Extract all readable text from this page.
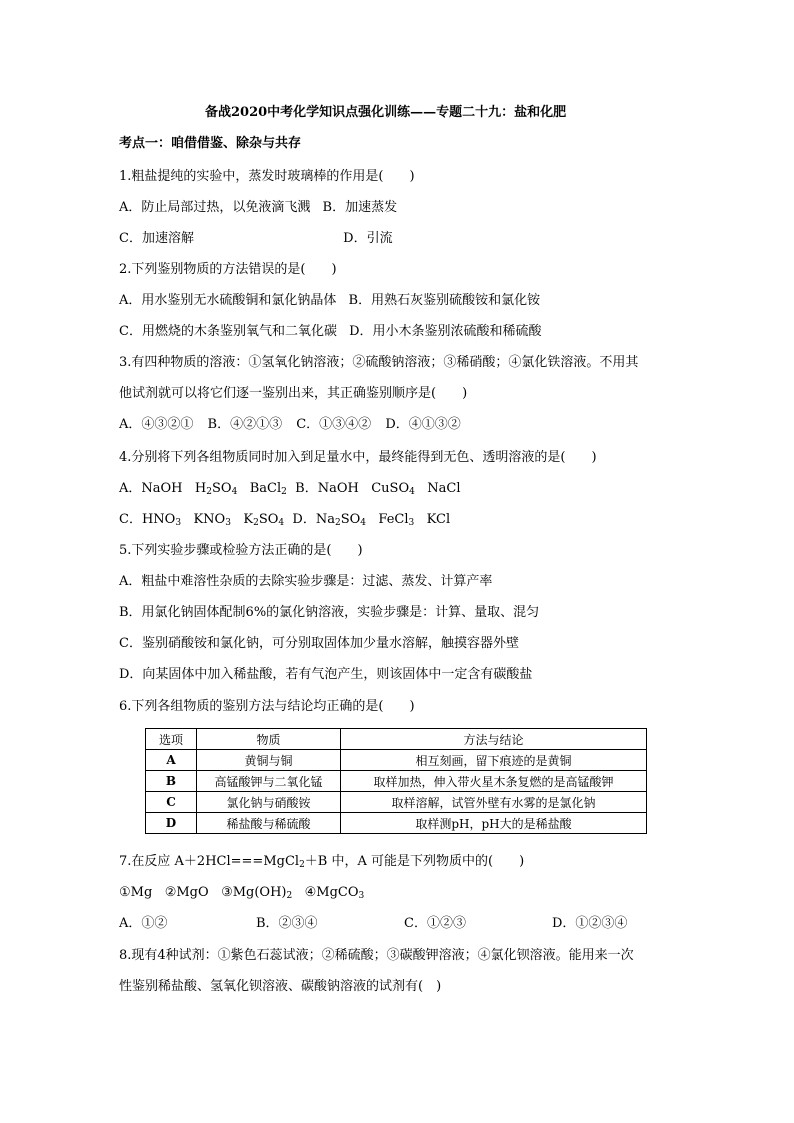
备战2020中考化学知识点强化训练——专题二十九：盐和化肥
考点一：咱借借鉴、除杂与共存
1.粗盐提纯的实验中，蒸发时玻璃棒的作用是(　　)
A．防止局部过热，以免液滴飞溅 B．加速蒸发
C．加速溶解	D．引流
2.下列鉴别物质的方法错误的是(　　)
A．用水鉴别无水硫酸铜和氯化钠晶体 B．用熟石灰鉴别硫酸铵和氯化铵
C．用燃烧的木条鉴别氧气和二氧化碳 D．用小木条鉴别浓硫酸和稀硫酸
3.有四种物质的溶液：①氢氧化钠溶液；②硫酸钠溶液；③稀硝酸；④氯化铁溶液。不用其
他试剂就可以将它们逐一鉴别出来，其正确鉴别顺序是(　　)
A．④③②① B．④②①③ C．①③④② D．④①③②
4.分别将下列各组物质同时加入到足量水中，最终能得到无色、透明溶液的是(　　)
A．NaOH $H_2SO_4$ BaCl$_2$ B．NaOH CuSO$_4$ NaCl
C．$HNO_3$ $KNO_3$ $K_2SO_4$ D．$Na_2SO_4$ FeCl$_3$ KCl
5.下列实验步骤或检验方法正确的是(　　)
A．粗盐中难溶性杂质的去除实验步骤是：过滤、蒸发、计算产率
B．用氯化钠固体配制6%的氯化钠溶液，实验步骤是：计算、量取、混匀
C．鉴别硝酸铵和氯化钠，可分别取固体加少量水溶解，触摸容器外壁
D．向某固体中加入稀盐酸，若有气泡产生，则该固体中一定含有碳酸盐
6.下列各组物质的鉴别方法与结论均正确的是(　　)
选项	物质	方法与结论
A	黄铜与铜	相互刻画，留下痕迹的是黄铜
B	高锰酸钾与二氧化锰	取样加热，伸入带火星木条复燃的是高锰酸钾
C	氯化钠与硝酸铵	取样溶解，试管外壁有水雾的是氯化钠
D	稀盐酸与稀硫酸	取样测pH，pH大的是稀盐酸
7.在反应 A＋2HCl===MgCl$_2$＋B 中，A 可能是下列物质中的(　　)
①Mg ②MgO $③Mg(OH)_2$ ④MgCO$_3$
A．①②	B．②③④	C．①②③	D．①②③④
8.现有4种试剂：①紫色石蕊试液；②稀硫酸；③碳酸钾溶液；④氯化钡溶液。能用来一次
性鉴别稀盐酸、氢氧化钡溶液、碳酸钠溶液的试剂有(　)
